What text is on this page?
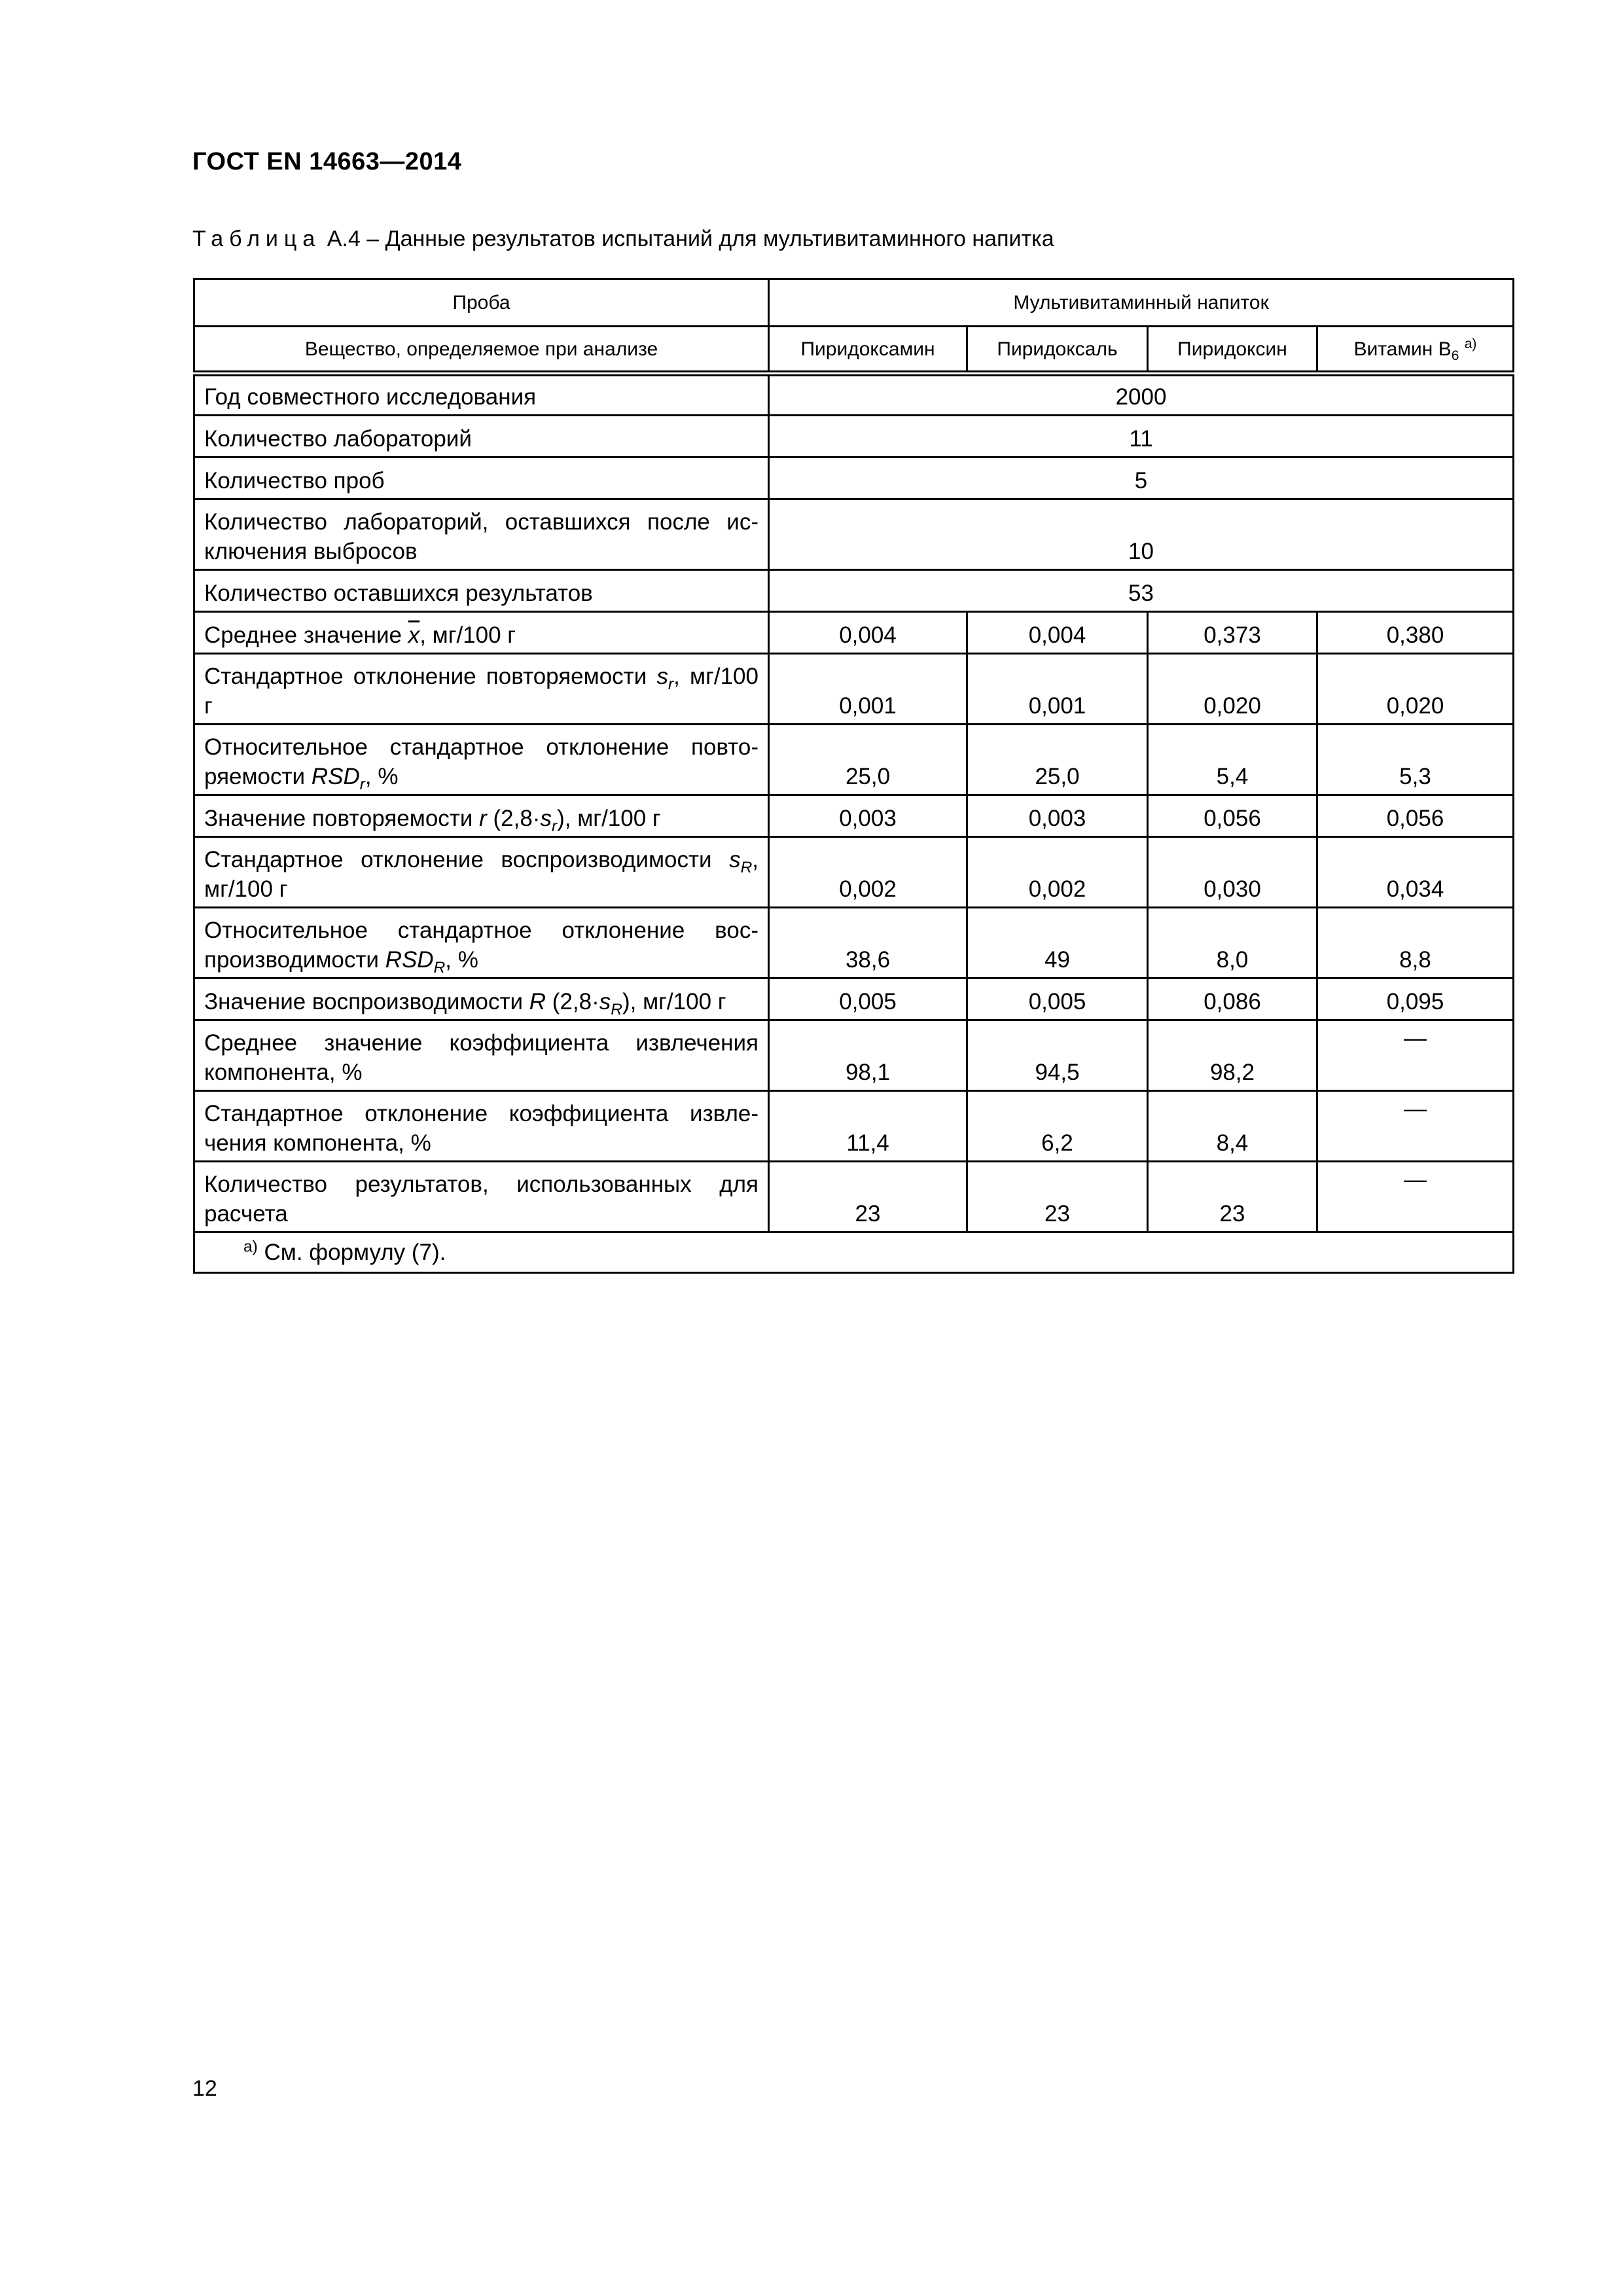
ГОСТ EN 14663—2014
Таблица А.4 – Данные результатов испытаний для мультивитаминного напитка
Проба	Мультивитаминный напиток			
Вещество, определяемое при анализе	Пиридоксамин	Пиридоксаль	Пиридоксин	Витамин $B_6$ $^{а)}$
Год совместного исследования	2000			
Количество лабораторий	11			
Количество проб	5			
Количество лабораторий, оставшихся после исключения выбросов	10			
Количество оставшихся результатов	53			
Среднее значение $\overline{x}$, мг/100 г	0,004	0,004	0,373	0,380
Стандартное отклонение повторяемости $s_r$, мг/100 г	0,001	0,001	0,020	0,020
Относительное стандартное отклонение повторяемости $RSD_r$, %	25,0	25,0	5,4	5,3
Значение повторяемости r $(2,8\cdot s_r)$, мг/100 г	0,003	0,003	0,056	0,056
Стандартное отклонение воспроизводимости $s_R$, мг/100 г	0,002	0,002	0,030	0,034
Относительное стандартное отклонение воспроизводимости $RSD_R$, %	38,6	49	8,0	8,8
Значение воспроизводимости R $(2,8\cdot s_R)$, мг/100 г	0,005	0,005	0,086	0,095
Среднее значение коэффициента извлечения компонента, %	98,1	94,5	98,2	—
Стандартное отклонение коэффициента извлечения компонента, %	11,4	6,2	8,4	—
Количество результатов, использованных для расчета	23	23	23	—
$^{а)}$ См. формулу (7).				
12
